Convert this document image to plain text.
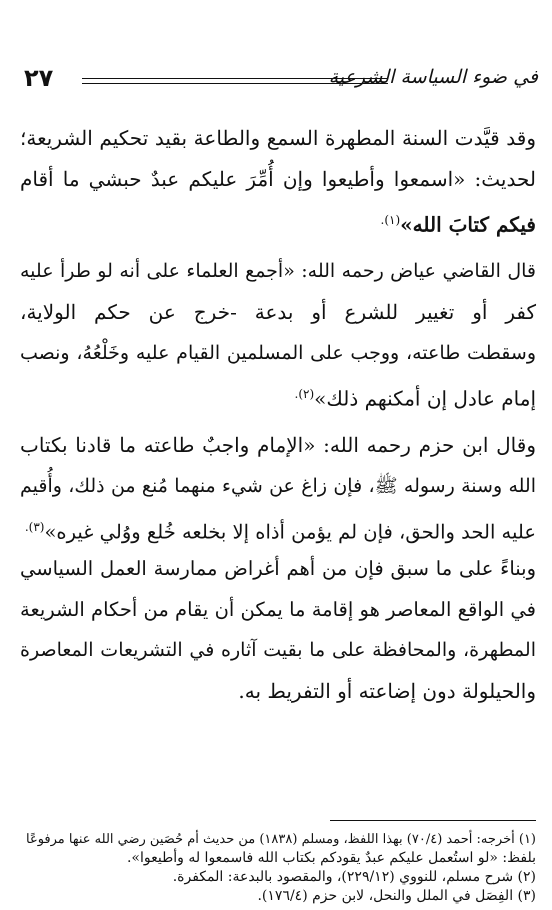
في ضوء السياسة الشرعية
٢٧
وقد قيَّدت السنة المطهرة السمع والطاعة بقيد تحكيم الشريعة؛
لحديث: «اسمعوا وأطيعوا وإن أُمِّرَ عليكم عبدٌ حبشي ما أقام
فيكم كتابَ الله»$^{(١).}$
قال القاضي عياض رحمه الله: «أجمع العلماء على أنه لو طرأ عليه
كفر أو تغيير للشرع أو بدعة -خرج عن حكم الولاية،
وسقطت طاعته، ووجب على المسلمين القيام عليه وخَلْعُهُ، ونصب
إمام عادل إن أمكنهم ذلك»$^{(٢).}$
وقال ابن حزم رحمه الله: «الإمام واجبٌ طاعته ما قادنا بكتاب
الله وسنة رسوله ﷺ، فإن زاغ عن شيء منهما مُنع من ذلك، وأُقيم
عليه الحد والحق، فإن لم يؤمن أذاه إلا بخلعه خُلع ووُلي غيره»$^{(٣).}$
وبناءً على ما سبق فإن من أهم أغراض ممارسة العمل السياسي
في الواقع المعاصر هو إقامة ما يمكن أن يقام من أحكام الشريعة
المطهرة، والمحافظة على ما بقيت آثاره في التشريعات المعاصرة
والحيلولة دون إضاعته أو التفريط به.
(١) أخرجه: أحمد (٧٠/٤) بهذا اللفظ، ومسلم (١٨٣٨) من حديث أم حُصَين رضي الله عنها مرفوعًا
بلفظ: «لو استُعمل عليكم عبدٌ يقودكم بكتاب الله فاسمعوا له وأطيعوا».
(٢) شرح مسلم، للنووي (٢٢٩/١٢)، والمقصود بالبدعة: المكفرة.
(٣) الفِصَل في الملل والنحل، لابن حزم (١٧٦/٤).
